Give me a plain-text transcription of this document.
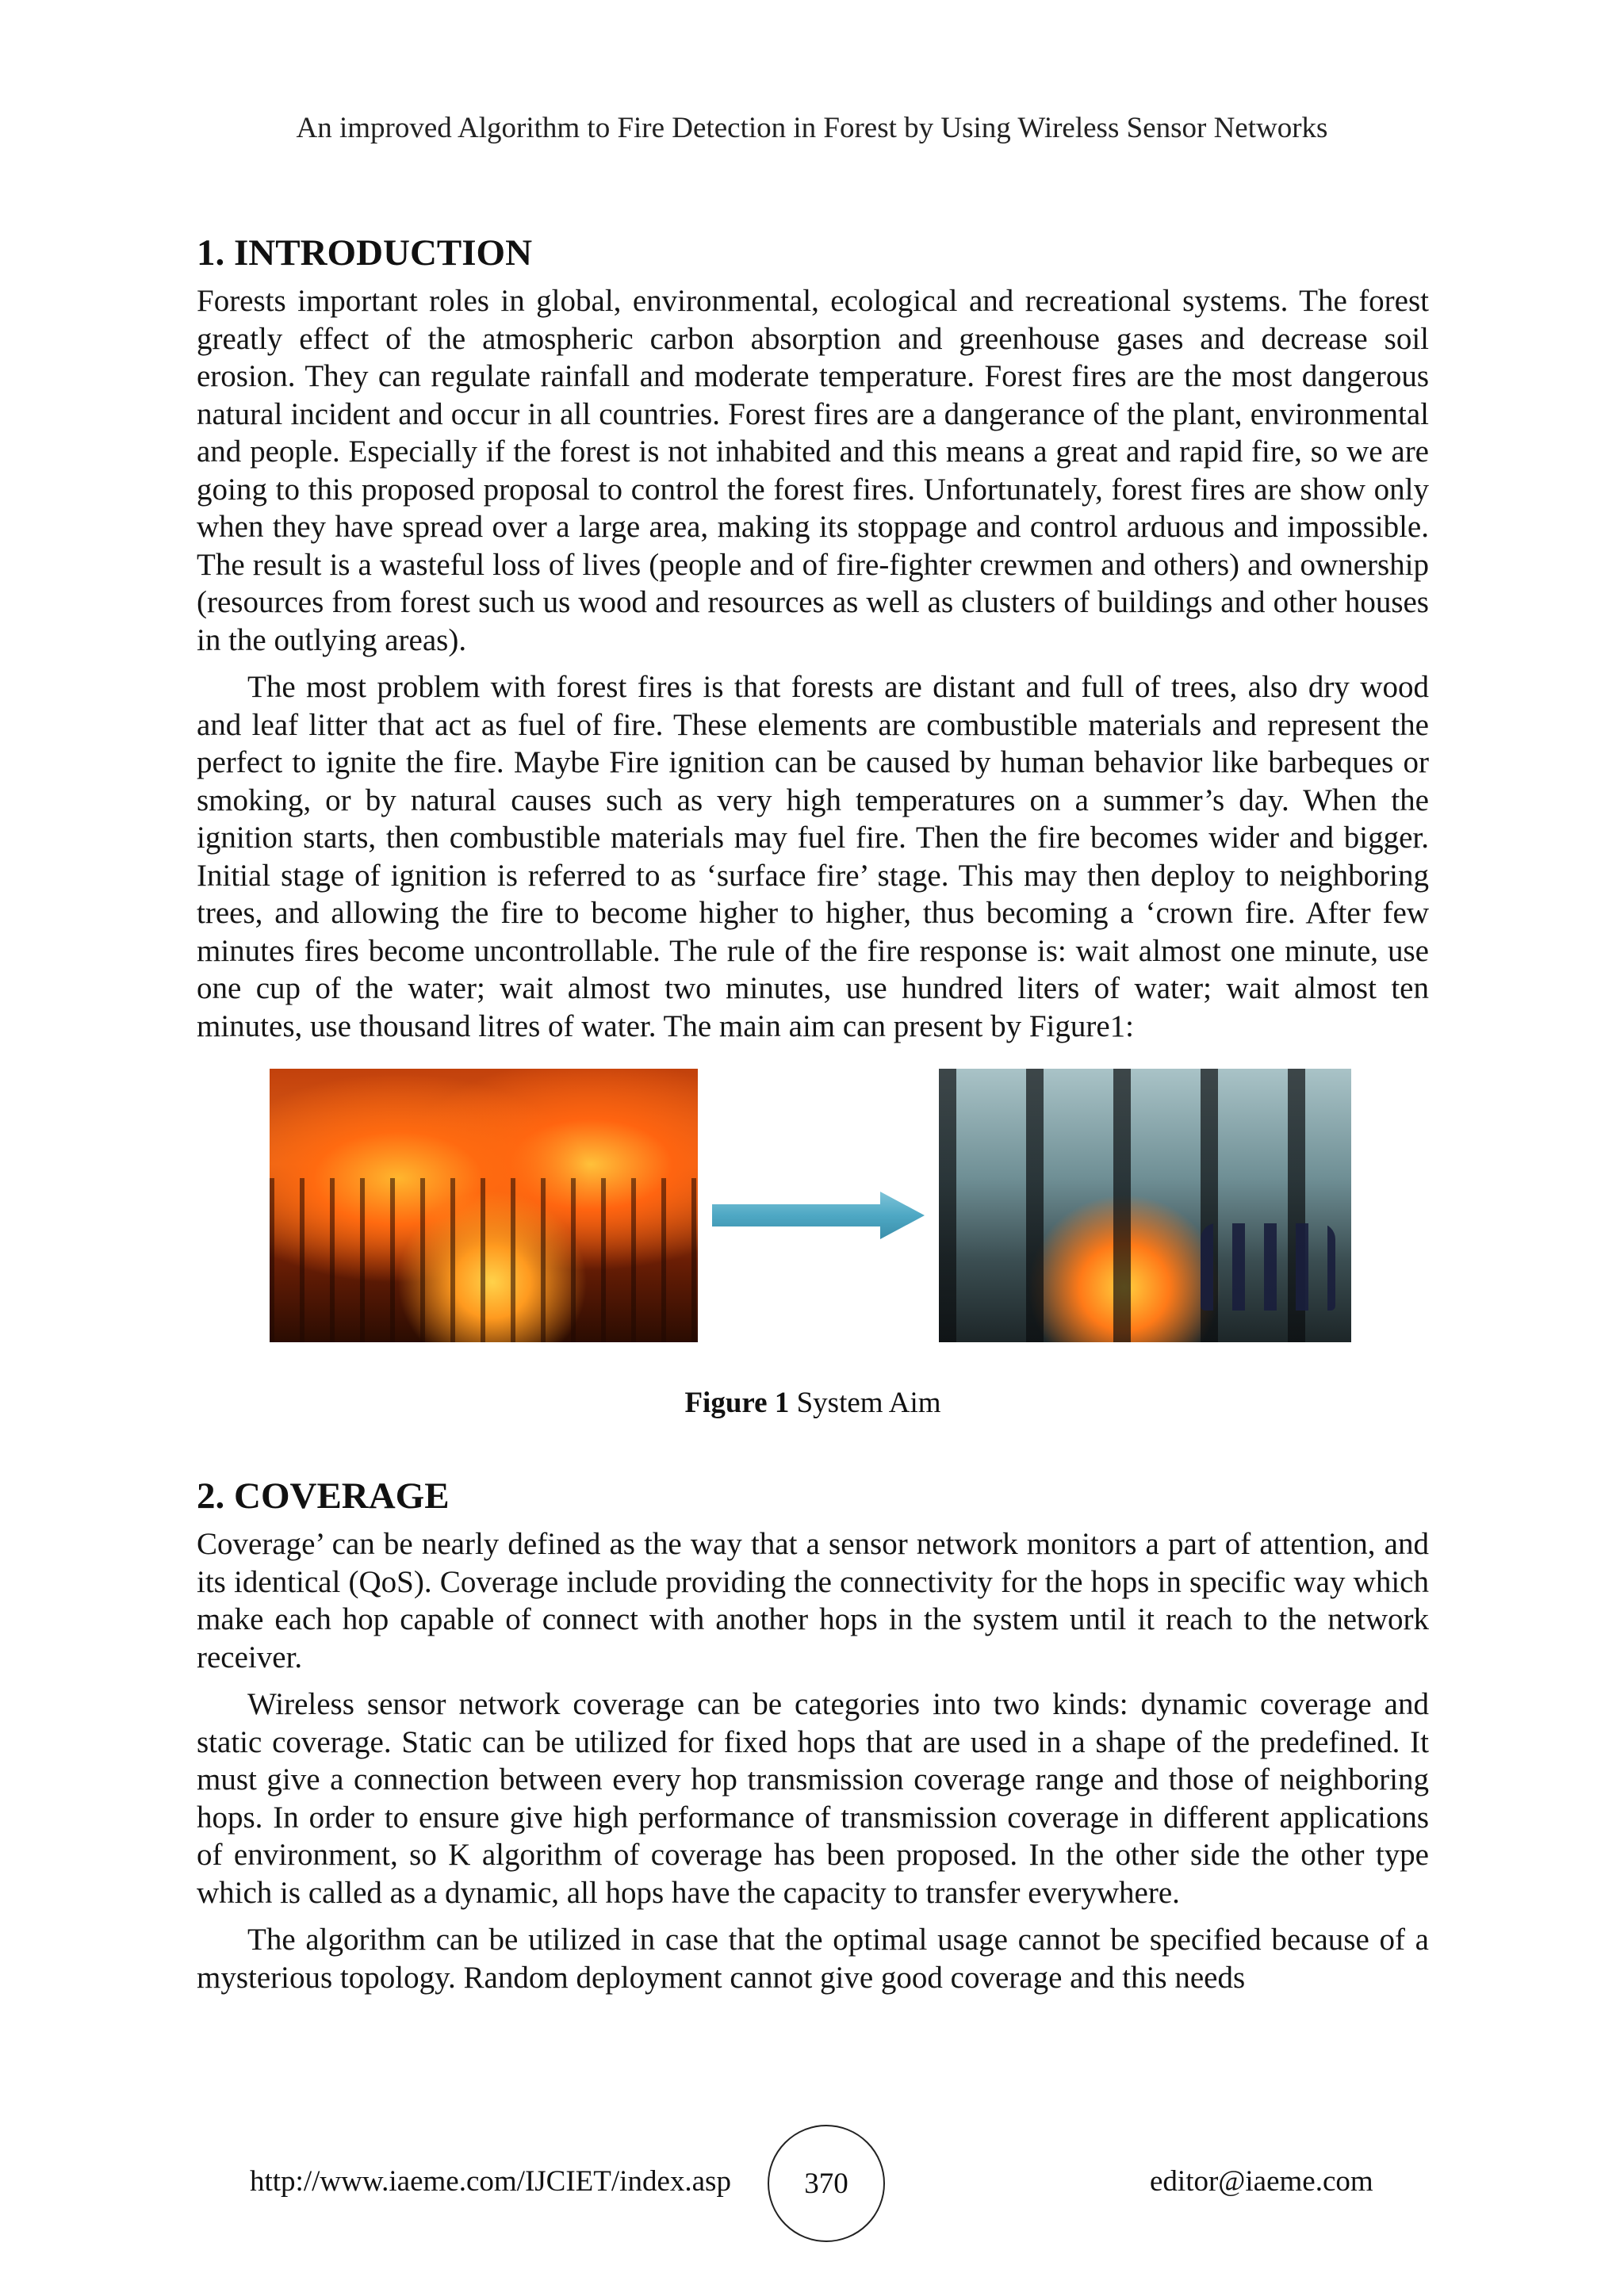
An improved Algorithm to Fire Detection in Forest by Using Wireless Sensor Networks
1. INTRODUCTION

Forests important roles in global, environmental, ecological and recreational systems. The forest greatly effect of the atmospheric carbon absorption and greenhouse gases and decrease soil erosion. They can regulate rainfall and moderate temperature. Forest fires are the most dangerous natural incident and occur in all countries. Forest fires are a dangerance of the plant, environmental and people. Especially if the forest is not inhabited and this means a great and rapid fire, so we are going to this proposed proposal to control the forest fires. Unfortunately, forest fires are show only when they have spread over a large area, making its stoppage and control arduous and impossible. The result is a wasteful loss of lives (people and of fire-fighter crewmen and others) and ownership (resources from forest such us wood and resources as well as clusters of buildings and other houses in the outlying areas).

The most problem with forest fires is that forests are distant and full of trees, also dry wood and leaf litter that act as fuel of fire. These elements are combustible materials and represent the perfect to ignite the fire. Maybe Fire ignition can be caused by human behavior like barbeques or smoking, or by natural causes such as very high temperatures on a summer’s day. When the ignition starts, then combustible materials may fuel fire. Then the fire becomes wider and bigger. Initial stage of ignition is referred to as ‘surface fire’ stage. This may then deploy to neighboring trees, and allowing the fire to become higher to higher, thus becoming a ‘crown fire. After few minutes fires become uncontrollable. The rule of the fire response is: wait almost one minute, use one cup of the water; wait almost two minutes, use hundred liters of water; wait almost ten minutes, use thousand litres of water. The main aim can present by Figure1:

Figure 1 System Aim
2. COVERAGE

Coverage’ can be nearly defined as the way that a sensor network monitors a part of attention, and its identical (QoS). Coverage include providing the connectivity for the hops in specific way which make each hop capable of connect with another hops in the system until it reach to the network receiver.

Wireless sensor network coverage can be categories into two kinds: dynamic coverage and static coverage. Static can be utilized for fixed hops that are used in a shape of the predefined. It must give a connection between every hop transmission coverage range and those of neighboring hops. In order to ensure give high performance of transmission coverage in different applications of environment, so K algorithm of coverage has been proposed. In the other side the other type which is called as a dynamic, all hops have the capacity to transfer everywhere.

The algorithm can be utilized in case that the optimal usage cannot be specified because of a mysterious topology. Random deployment cannot give good coverage and this needs

http://www.iaeme.com/IJCIET/index.asp 370	editor@iaeme.com
